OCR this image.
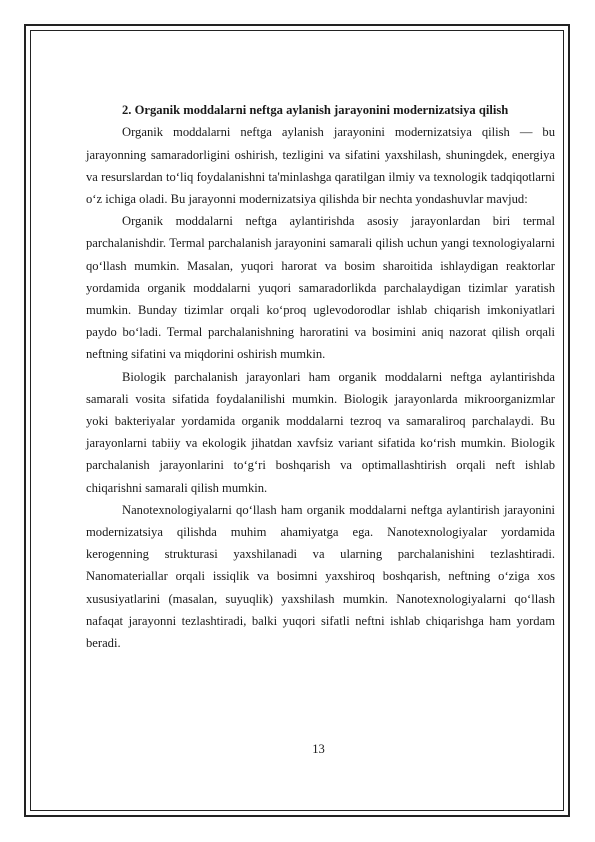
2. Organik moddalarni neftga aylanish jarayonini modernizatsiya qilish

Organik moddalarni neftga aylanish jarayonini modernizatsiya qilish — bu jarayonning samaradorligini oshirish, tezligini va sifatini yaxshilash, shuningdek, energiya va resurslardan to‘liq foydalanishni ta'minlashga qaratilgan ilmiy va texnologik tadqiqotlarni o‘z ichiga oladi. Bu jarayonni modernizatsiya qilishda bir nechta yondashuvlar mavjud:

Organik moddalarni neftga aylantirishda asosiy jarayonlardan biri termal parchalanishdir. Termal parchalanish jarayonini samarali qilish uchun yangi texnologiyalarni qo‘llash mumkin. Masalan, yuqori harorat va bosim sharoitida ishlaydigan reaktorlar yordamida organik moddalarni yuqori samaradorlikda parchalaydigan tizimlar yaratish mumkin. Bunday tizimlar orqali ko‘proq uglevodorodlar ishlab chiqarish imkoniyatlari paydo bo‘ladi. Termal parchalanishning haroratini va bosimini aniq nazorat qilish orqali neftning sifatini va miqdorini oshirish mumkin.

Biologik parchalanish jarayonlari ham organik moddalarni neftga aylantirishda samarali vosita sifatida foydalanilishi mumkin. Biologik jarayonlarda mikroorganizmlar yoki bakteriyalar yordamida organik moddalarni tezroq va samaraliroq parchalaydi. Bu jarayonlarni tabiiy va ekologik jihatdan xavfsiz variant sifatida ko‘rish mumkin. Biologik parchalanish jarayonlarini to‘g‘ri boshqarish va optimallashtirish orqali neft ishlab chiqarishni samarali qilish mumkin.

Nanotexnologiyalarni qo‘llash ham organik moddalarni neftga aylantirish jarayonini modernizatsiya qilishda muhim ahamiyatga ega. Nanotexnologiyalar yordamida kerogenning strukturasi yaxshilanadi va ularning parchalanishini tezlashtiradi. Nanomateriallar orqali issiqlik va bosimni yaxshiroq boshqarish, neftning o‘ziga xos xususiyatlarini (masalan, suyuqlik) yaxshilash mumkin. Nanotexnologiyalarni qo‘llash nafaqat jarayonni tezlashtiradi, balki yuqori sifatli neftni ishlab chiqarishga ham yordam beradi.

13
